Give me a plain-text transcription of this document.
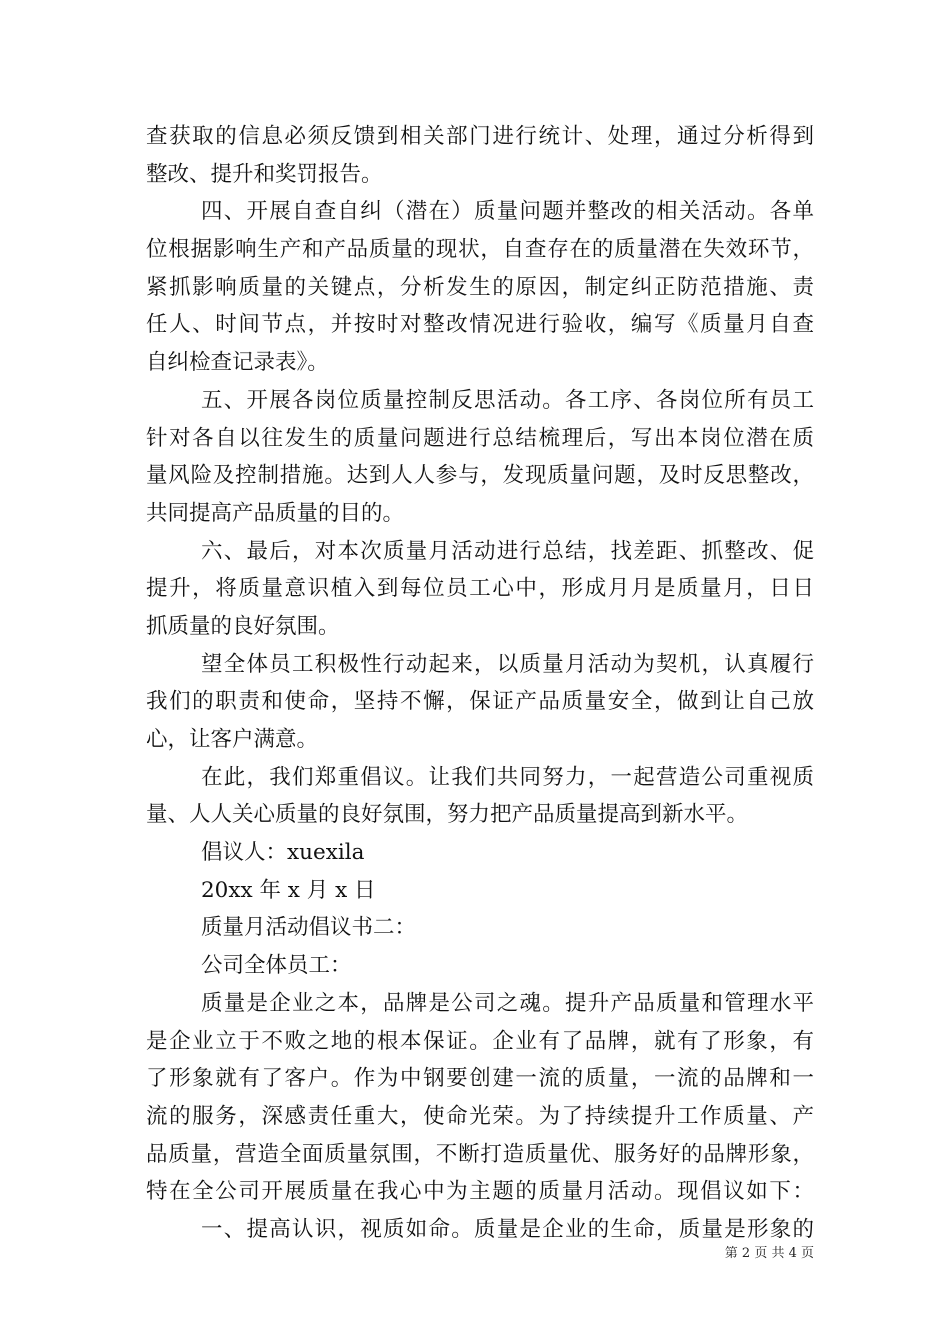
查获取的信息必须反馈到相关部门进行统计、处理，通过分析得到
整改、提升和奖罚报告。
四、开展自查自纠（潜在）质量问题并整改的相关活动。各单
位根据影响生产和产品质量的现状，自查存在的质量潜在失效环节，
紧抓影响质量的关键点，分析发生的原因，制定纠正防范措施、责
任人、时间节点，并按时对整改情况进行验收，编写《质量月自查
自纠检查记录表》。
五、开展各岗位质量控制反思活动。各工序、各岗位所有员工
针对各自以往发生的质量问题进行总结梳理后，写出本岗位潜在质
量风险及控制措施。达到人人参与，发现质量问题，及时反思整改，
共同提高产品质量的目的。
六、最后，对本次质量月活动进行总结，找差距、抓整改、促
提升，将质量意识植入到每位员工心中，形成月月是质量月，日日
抓质量的良好氛围。
望全体员工积极性行动起来，以质量月活动为契机，认真履行
我们的职责和使命，坚持不懈，保证产品质量安全，做到让自己放
心，让客户满意。
在此，我们郑重倡议。让我们共同努力，一起营造公司重视质
量、人人关心质量的良好氛围，努力把产品质量提高到新水平。
倡议人：xuexila
20xx 年 x 月 x 日
质量月活动倡议书二：
公司全体员工：
质量是企业之本，品牌是公司之魂。提升产品质量和管理水平
是企业立于不败之地的根本保证。企业有了品牌，就有了形象，有
了形象就有了客户。作为中钢要创建一流的质量，一流的品牌和一
流的服务，深感责任重大，使命光荣。为了持续提升工作质量、产
品质量，营造全面质量氛围，不断打造质量优、服务好的品牌形象，
特在全公司开展质量在我心中为主题的质量月活动。现倡议如下：
一、提高认识，视质如命。质量是企业的生命，质量是形象的
第 2 页 共 4 页
